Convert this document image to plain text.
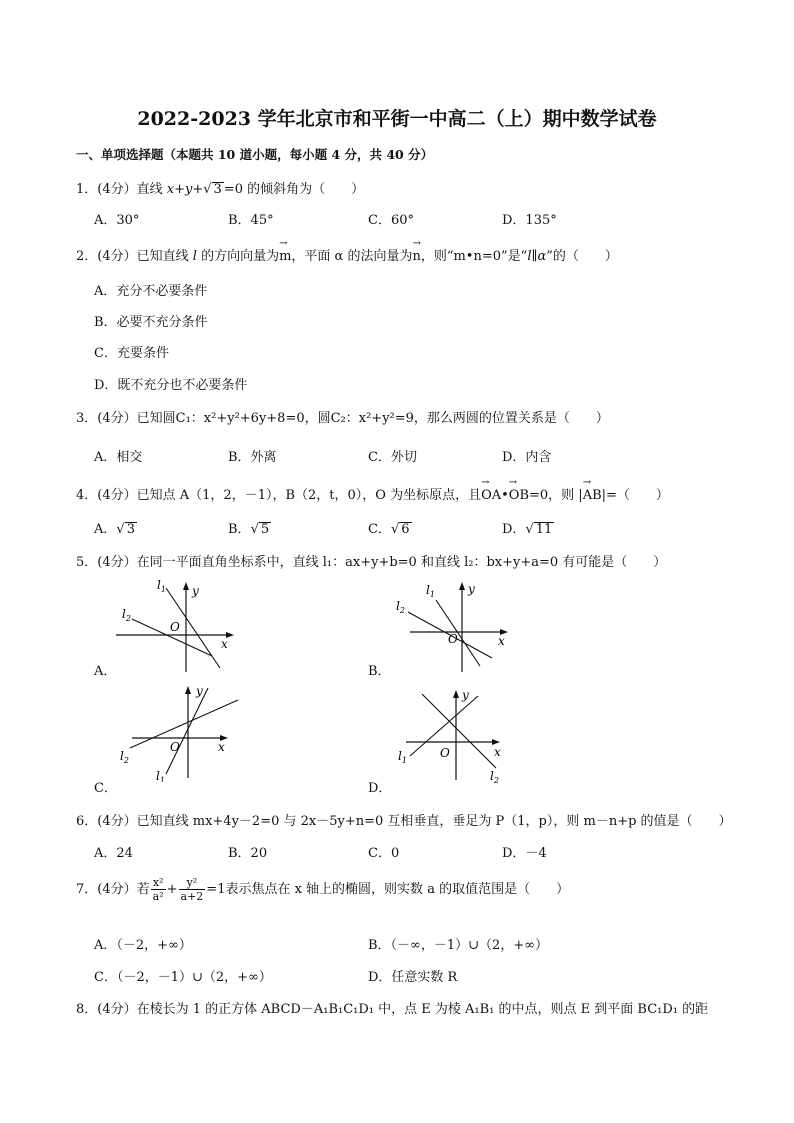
2022-2023 学年北京市和平街一中高二（上）期中数学试卷
一、单项选择题（本题共 10 道小题，每小题 4 分，共 40 分）
1．(4分）直线 x+y+√ 3 =0 的倾斜角为（　　）
A．30°	B．45°	C．60°	D．135°
2．(4分）已知直线 l 的方向向量为→ m，平面 α 的法向量为→ n，则“m•n=0”是“l∥α”的（　　）
A．充分不必要条件
B．必要不充分条件
C．充要条件
D．既不充分也不必要条件
3．(4分）已知圆C₁：x²+y²+6y+8=0，圆C₂：x²+y²=9，那么两圆的位置关系是（　　）
A．相交	B．外离	C．外切	D．内含
4．(4分）已知点 A（1，2，－1），B（2，t，0），O 为坐标原点，且→ OA•→ OB=0，则 |→ AB|=（　　）
A．√ 3	B．√ 5	C．√ 6	D．√ 11
5．(4分）在同一平面直角坐标系中，直线 l₁：ax+y+b=0 和直线 l₂：bx+y+a=0 有可能是（　　）
y
x
O
$l_1$
$l_2$
A．
y
x
O
$l_1$
$l_2$
B．
y
x
O
$l_1$
$l_2$
C．
y
x
O
$l_1$
$l_2$
D．
6．(4分）已知直线 mx+4y－2=0 与 2x－5y+n=0 互相垂直，垂足为 P（1，p），则 m－n+p 的值是（　　）
A．24	B．20	C．0	D．－4
7．(4分）若 $\frac{\text{x²}}{\text{a²}} + \frac{\text{y²}}{a+2} =1$表示焦点在 x 轴上的椭圆，则实数 a 的取值范围是（　　）
A．（－2，+∞）	B．（－∞，－1）∪（2，+∞）
C．（－2，－1）∪（2，+∞）	D．任意实数 R
8．(4分）在棱长为 1 的正方体 ABCD－A₁B₁C₁D₁ 中，点 E 为棱 A₁B₁ 的中点，则点 E 到平面 BC₁D₁ 的距
